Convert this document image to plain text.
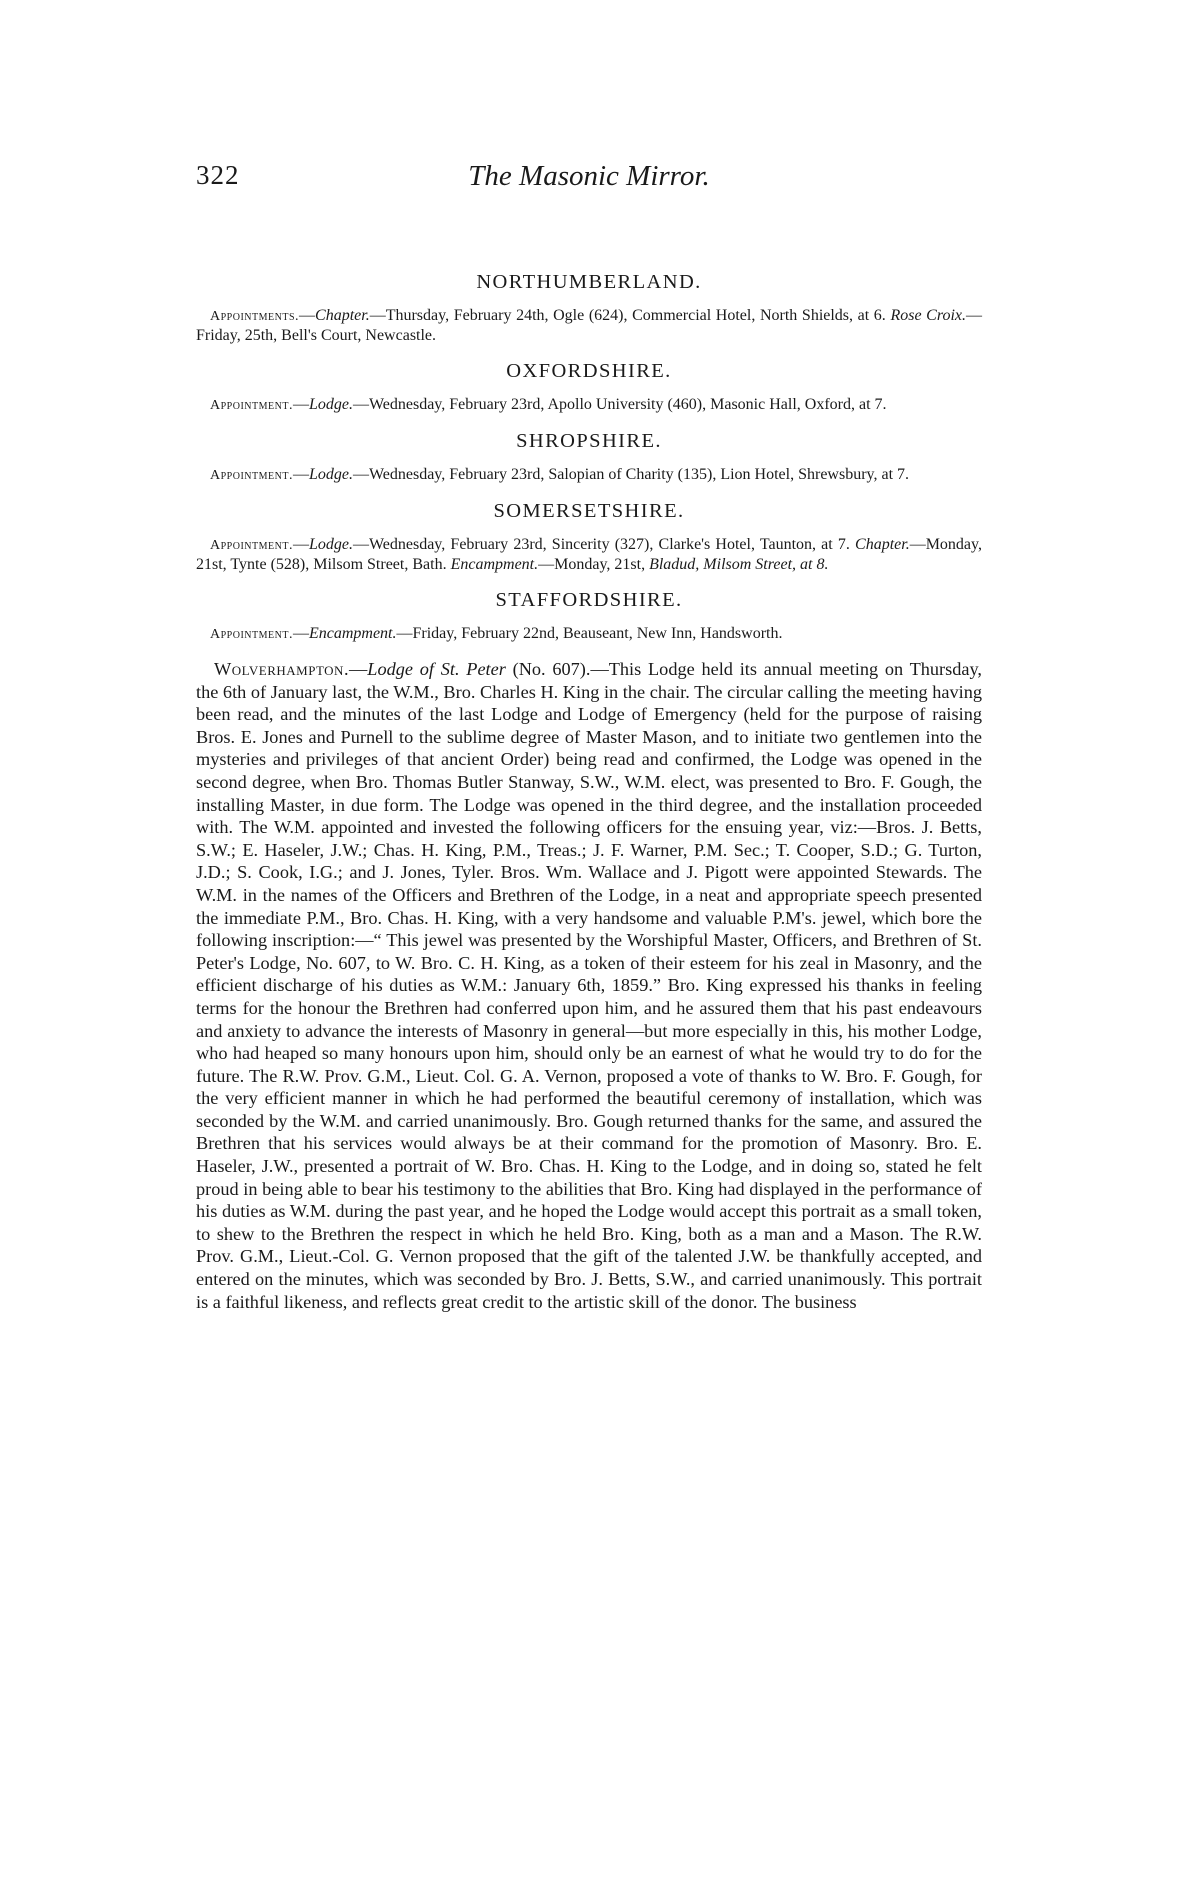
322	The Masonic Mirror.
NORTHUMBERLAND.

Appointments.—Chapter.—Thursday, February 24th, Ogle (624), Commercial Hotel, North Shields, at 6. Rose Croix.—Friday, 25th, Bell's Court, Newcastle.

OXFORDSHIRE.

Appointment.—Lodge.—Wednesday, February 23rd, Apollo University (460), Masonic Hall, Oxford, at 7.

SHROPSHIRE.

Appointment.—Lodge.—Wednesday, February 23rd, Salopian of Charity (135), Lion Hotel, Shrewsbury, at 7.

SOMERSETSHIRE.

Appointment.—Lodge.—Wednesday, February 23rd, Sincerity (327), Clarke's Hotel, Taunton, at 7. Chapter.—Monday, 21st, Tynte (528), Milsom Street, Bath. Encampment.—Monday, 21st, Bladud, Milsom Street, at 8.

STAFFORDSHIRE.

Appointment.—Encampment.—Friday, February 22nd, Beauseant, New Inn, Handsworth.

Wolverhampton.—Lodge of St. Peter (No. 607).—This Lodge held its annual meeting on Thursday, the 6th of January last, the W.M., Bro. Charles H. King in the chair. The circular calling the meeting having been read, and the minutes of the last Lodge and Lodge of Emergency (held for the purpose of raising Bros. E. Jones and Purnell to the sublime degree of Master Mason, and to initiate two gentlemen into the mysteries and privileges of that ancient Order) being read and confirmed, the Lodge was opened in the second degree, when Bro. Thomas Butler Stanway, S.W., W.M. elect, was presented to Bro. F. Gough, the installing Master, in due form. The Lodge was opened in the third degree, and the installation proceeded with. The W.M. appointed and invested the following officers for the ensuing year, viz:—Bros. J. Betts, S.W.; E. Haseler, J.W.; Chas. H. King, P.M., Treas.; J. F. Warner, P.M. Sec.; T. Cooper, S.D.; G. Turton, J.D.; S. Cook, I.G.; and J. Jones, Tyler. Bros. Wm. Wallace and J. Pigott were appointed Stewards. The W.M. in the names of the Officers and Brethren of the Lodge, in a neat and appropriate speech presented the immediate P.M., Bro. Chas. H. King, with a very handsome and valuable P.M's. jewel, which bore the following inscription:—“ This jewel was presented by the Worshipful Master, Officers, and Brethren of St. Peter's Lodge, No. 607, to W. Bro. C. H. King, as a token of their esteem for his zeal in Masonry, and the efficient discharge of his duties as W.M.: January 6th, 1859.” Bro. King expressed his thanks in feeling terms for the honour the Brethren had conferred upon him, and he assured them that his past endeavours and anxiety to advance the interests of Masonry in general—but more especially in this, his mother Lodge, who had heaped so many honours upon him, should only be an earnest of what he would try to do for the future. The R.W. Prov. G.M., Lieut. Col. G. A. Vernon, proposed a vote of thanks to W. Bro. F. Gough, for the very efficient manner in which he had performed the beautiful ceremony of installation, which was seconded by the W.M. and carried unanimously. Bro. Gough returned thanks for the same, and assured the Brethren that his services would always be at their command for the promotion of Masonry. Bro. E. Haseler, J.W., presented a portrait of W. Bro. Chas. H. King to the Lodge, and in doing so, stated he felt proud in being able to bear his testimony to the abilities that Bro. King had displayed in the performance of his duties as W.M. during the past year, and he hoped the Lodge would accept this portrait as a small token, to shew to the Brethren the respect in which he held Bro. King, both as a man and a Mason. The R.W. Prov. G.M., Lieut.-Col. G. Vernon proposed that the gift of the talented J.W. be thankfully accepted, and entered on the minutes, which was seconded by Bro. J. Betts, S.W., and carried unanimously. This portrait is a faithful likeness, and reflects great credit to the artistic skill of the donor. The business
